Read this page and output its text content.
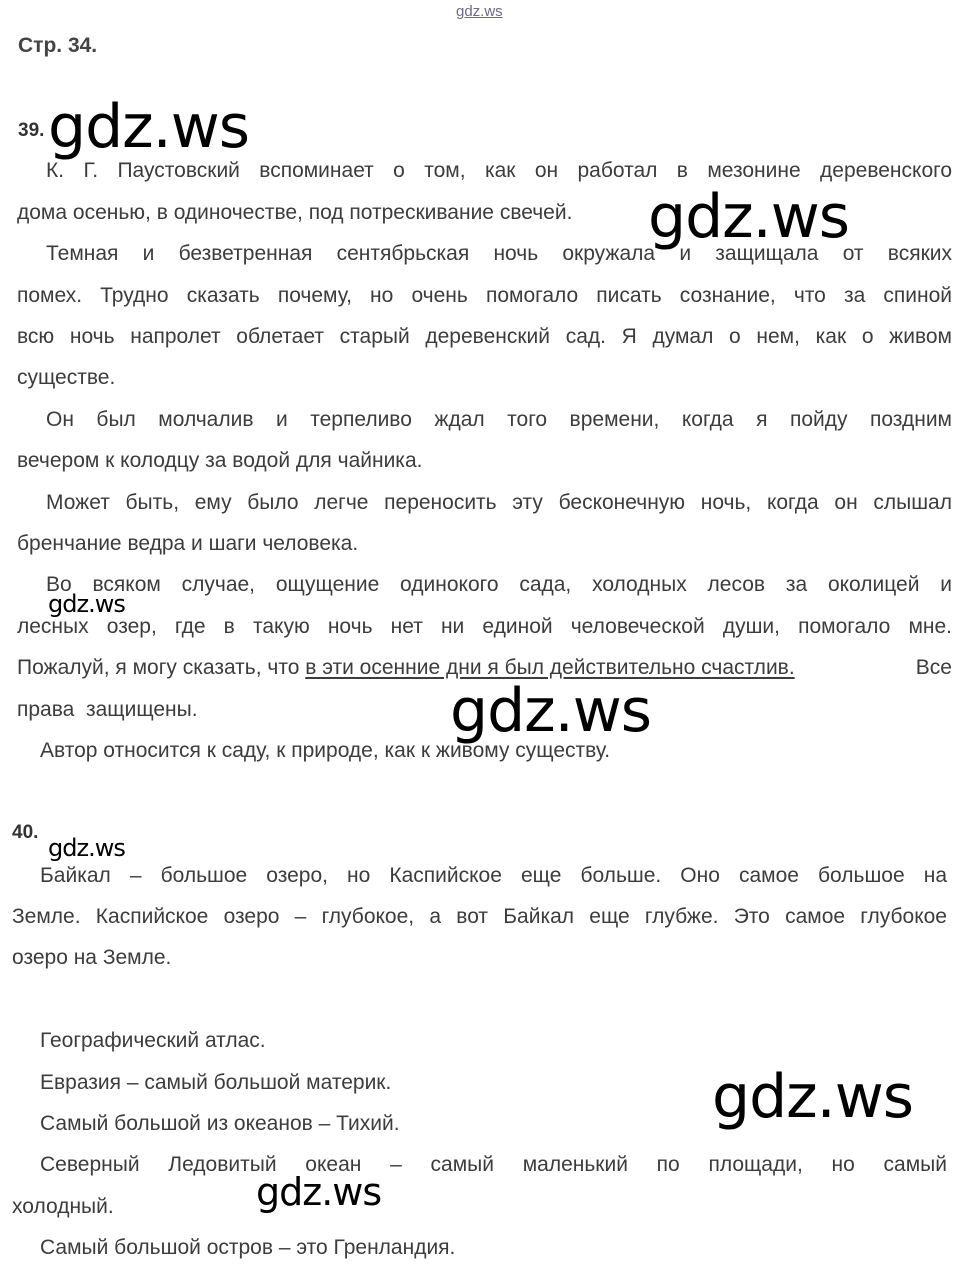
gdz.ws
Стр. 34.
39.
К. Г. Паустовский вспоминает о том, как он работал в мезонине деревенского
дома осенью, в одиночестве, под потрескивание свечей.
Темная и безветренная сентябрьская ночь окружала и защищала от всяких
помех. Трудно сказать почему, но очень помогало писать сознание, что за спиной
всю ночь напролет облетает старый деревенский сад. Я думал о нем, как о живом
существе.
Он был молчалив и терпеливо ждал того времени, когда я пойду поздним
вечером к колодцу за водой для чайника.
Может быть, ему было легче переносить эту бесконечную ночь, когда он слышал
бренчание ведра и шаги человека.
Во всяком случае, ощущение одинокого сада, холодных лесов за околицей и
лесных озер, где в такую ночь нет ни единой человеческой души, помогало мне.
Пожалуй, я могу сказать, что в эти осенние дни я был действительно счастлив.	Все
права  защищены.
Автор относится к саду, к природе, как к живому существу.
40.
Байкал – большое озеро, но Каспийское еще больше. Оно самое большое на
Земле. Каспийское озеро – глубокое, а вот Байкал еще глубже. Это самое глубокое
озеро на Земле.
Географический атлас.
Евразия – самый большой материк.
Самый большой из океанов – Тихий.
Северный Ледовитый океан – самый маленький по площади, но самый
холодный.
Самый большой остров – это Гренландия.
gdz.ws
gdz.ws
gdz.ws
gdz.ws
gdz.ws
gdz.ws
gdz.ws
